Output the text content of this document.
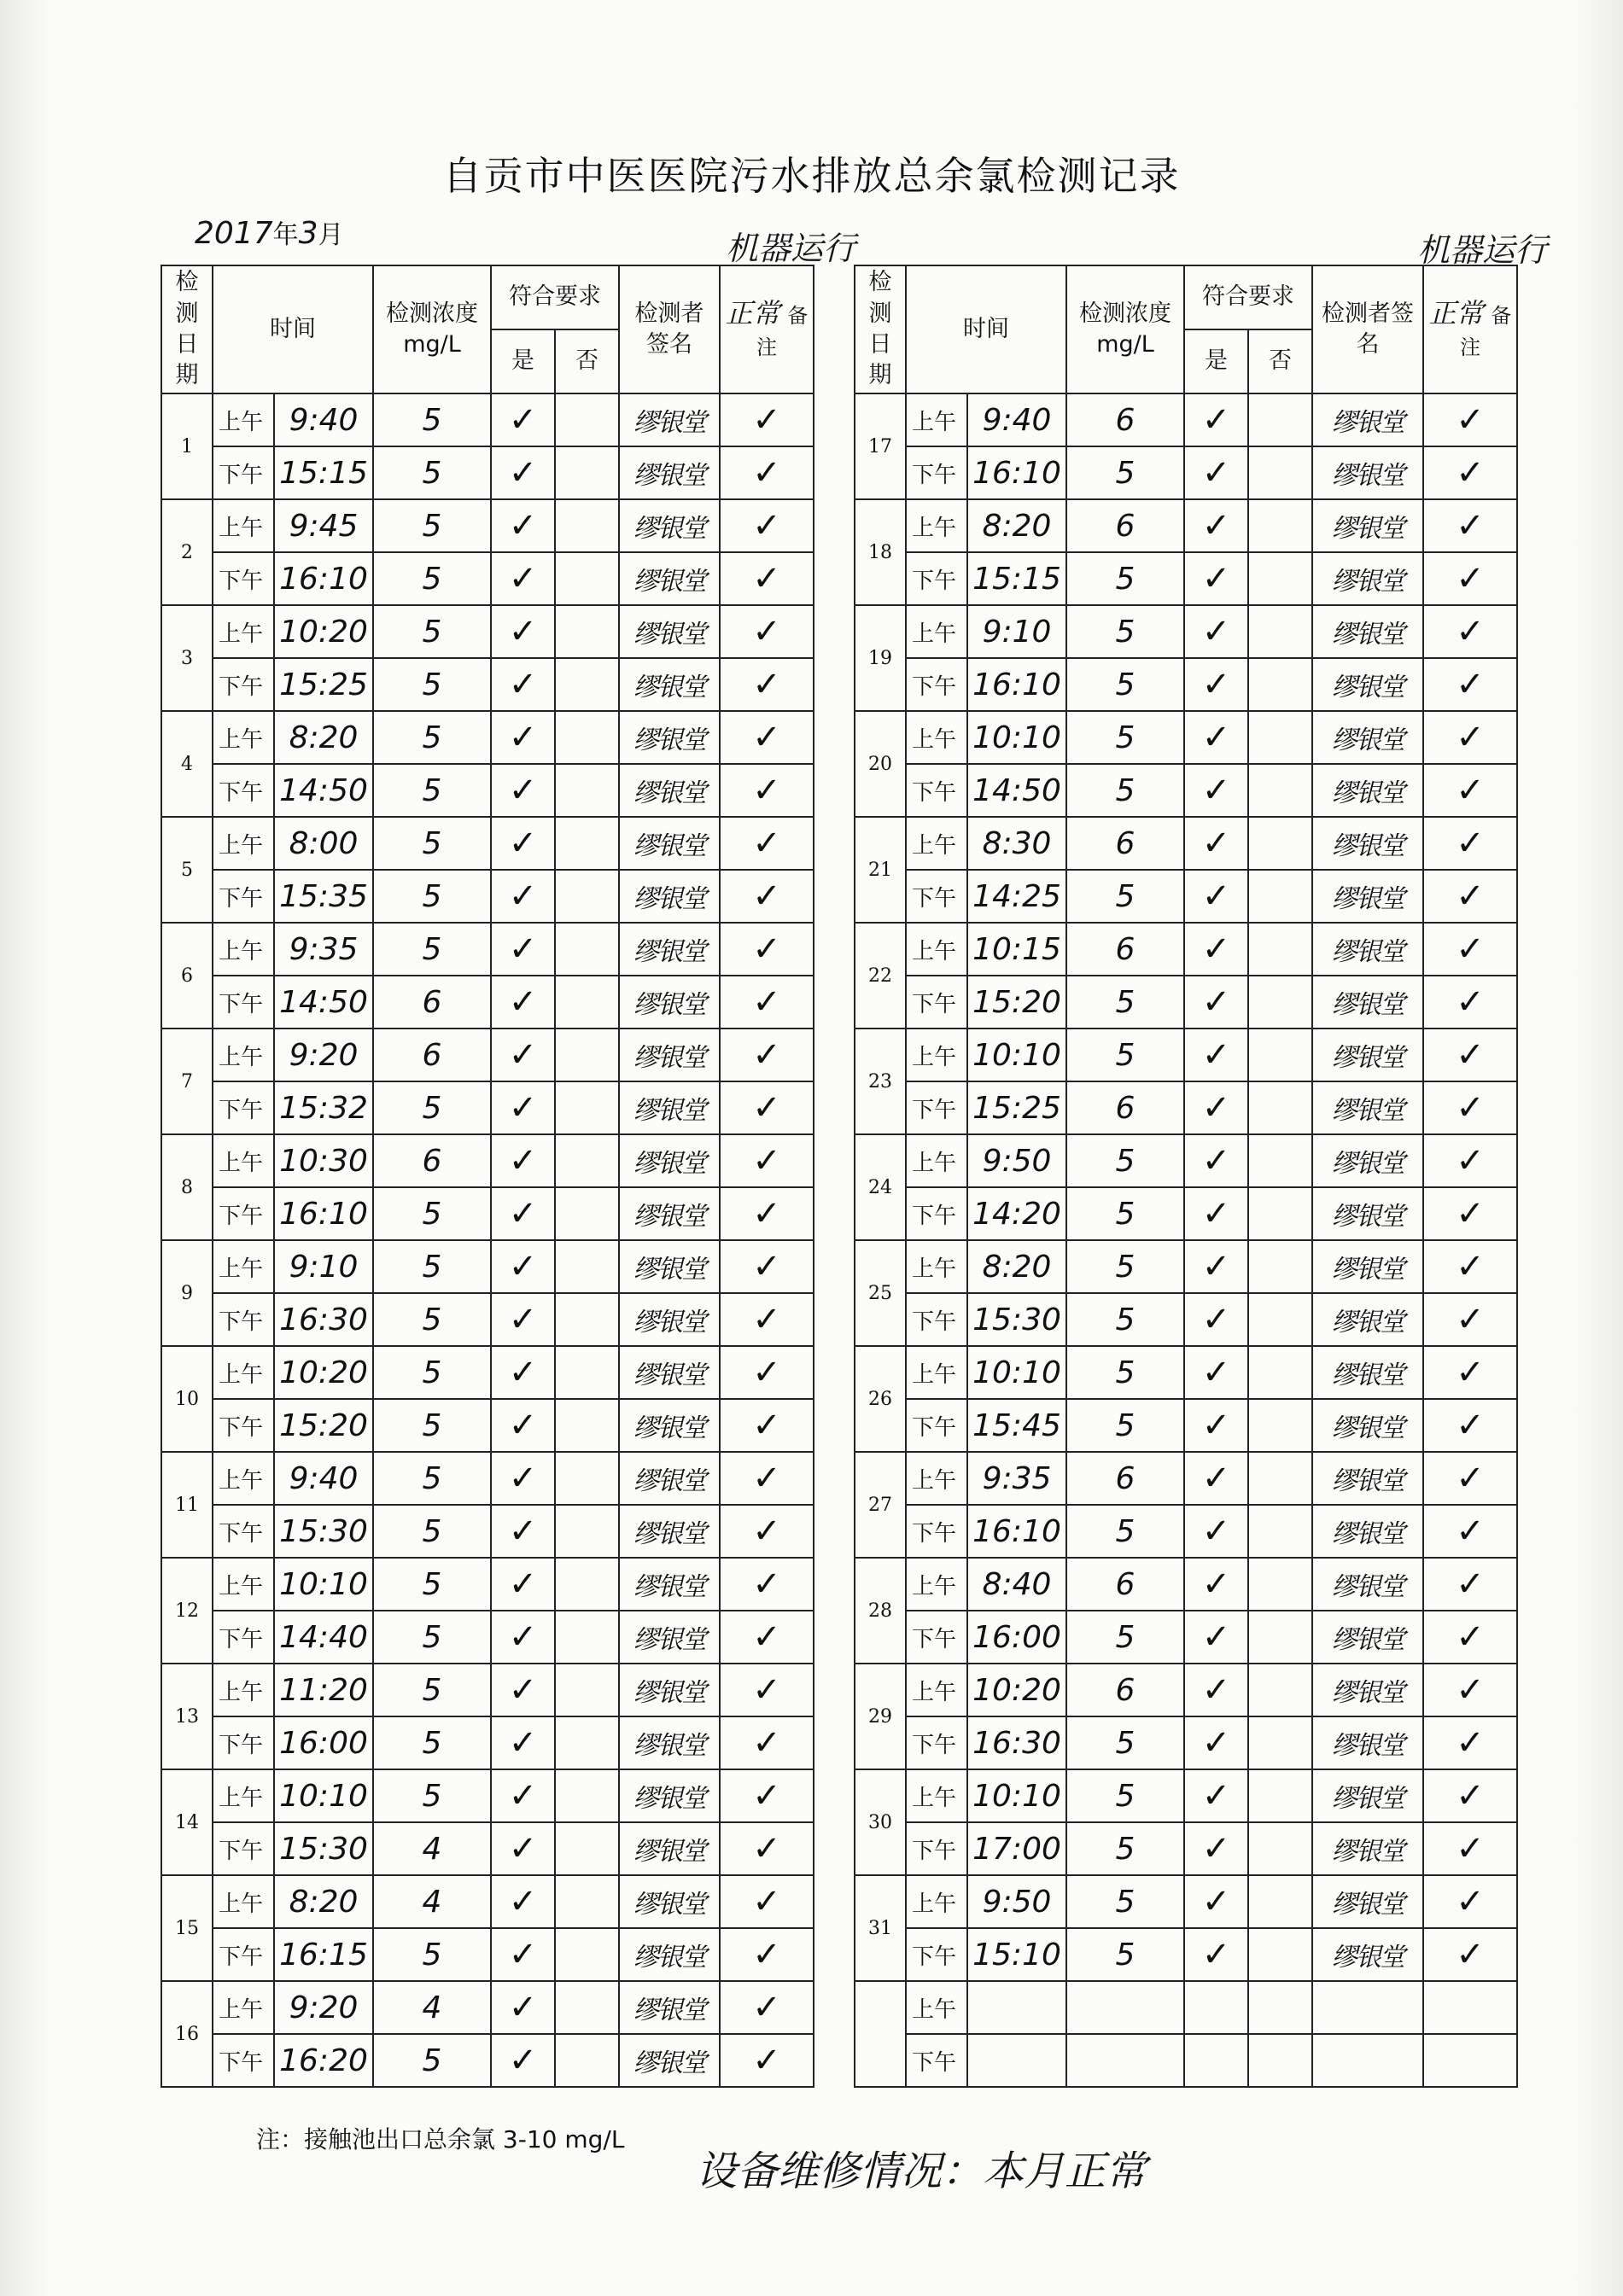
自贡市中医医院污水排放总余氯检测记录
2017年3月	机器运行	机器运行
检测日期	时间		检测浓度mg/L	符合要求		检测者签名	正常 备注
				是	否		
1	上午	9:40	5	✓		缪银堂	✓
	下午	15:15	5	✓		缪银堂	✓
2	上午	9:45	5	✓		缪银堂	✓
	下午	16:10	5	✓		缪银堂	✓
3	上午	10:20	5	✓		缪银堂	✓
	下午	15:25	5	✓		缪银堂	✓
4	上午	8:20	5	✓		缪银堂	✓
	下午	14:50	5	✓		缪银堂	✓
5	上午	8:00	5	✓		缪银堂	✓
	下午	15:35	5	✓		缪银堂	✓
6	上午	9:35	5	✓		缪银堂	✓
	下午	14:50	6	✓		缪银堂	✓
7	上午	9:20	6	✓		缪银堂	✓
	下午	15:32	5	✓		缪银堂	✓
8	上午	10:30	6	✓		缪银堂	✓
	下午	16:10	5	✓		缪银堂	✓
9	上午	9:10	5	✓		缪银堂	✓
	下午	16:30	5	✓		缪银堂	✓
10	上午	10:20	5	✓		缪银堂	✓
	下午	15:20	5	✓		缪银堂	✓
11	上午	9:40	5	✓		缪银堂	✓
	下午	15:30	5	✓		缪银堂	✓
12	上午	10:10	5	✓		缪银堂	✓
	下午	14:40	5	✓		缪银堂	✓
13	上午	11:20	5	✓		缪银堂	✓
	下午	16:00	5	✓		缪银堂	✓
14	上午	10:10	5	✓		缪银堂	✓
	下午	15:30	4	✓		缪银堂	✓
15	上午	8:20	4	✓		缪银堂	✓
	下午	16:15	5	✓		缪银堂	✓
16	上午	9:20	4	✓		缪银堂	✓
	下午	16:20	5	✓		缪银堂	✓
检测日期	时间		检测浓度mg/L	符合要求		检测者签名	正常 备注
				是	否		
17	上午	9:40	6	✓		缪银堂	✓
	下午	16:10	5	✓		缪银堂	✓
18	上午	8:20	6	✓		缪银堂	✓
	下午	15:15	5	✓		缪银堂	✓
19	上午	9:10	5	✓		缪银堂	✓
	下午	16:10	5	✓		缪银堂	✓
20	上午	10:10	5	✓		缪银堂	✓
	下午	14:50	5	✓		缪银堂	✓
21	上午	8:30	6	✓		缪银堂	✓
	下午	14:25	5	✓		缪银堂	✓
22	上午	10:15	6	✓		缪银堂	✓
	下午	15:20	5	✓		缪银堂	✓
23	上午	10:10	5	✓		缪银堂	✓
	下午	15:25	6	✓		缪银堂	✓
24	上午	9:50	5	✓		缪银堂	✓
	下午	14:20	5	✓		缪银堂	✓
25	上午	8:20	5	✓		缪银堂	✓
	下午	15:30	5	✓		缪银堂	✓
26	上午	10:10	5	✓		缪银堂	✓
	下午	15:45	5	✓		缪银堂	✓
27	上午	9:35	6	✓		缪银堂	✓
	下午	16:10	5	✓		缪银堂	✓
28	上午	8:40	6	✓		缪银堂	✓
	下午	16:00	5	✓		缪银堂	✓
29	上午	10:20	6	✓		缪银堂	✓
	下午	16:30	5	✓		缪银堂	✓
30	上午	10:10	5	✓		缪银堂	✓
	下午	17:00	5	✓		缪银堂	✓
31	上午	9:50	5	✓		缪银堂	✓
	下午	15:10	5	✓		缪银堂	✓
	上午						
	下午						
注：接触池出口总余氯 3-10 mg/L
设备维修情况：本月正常
